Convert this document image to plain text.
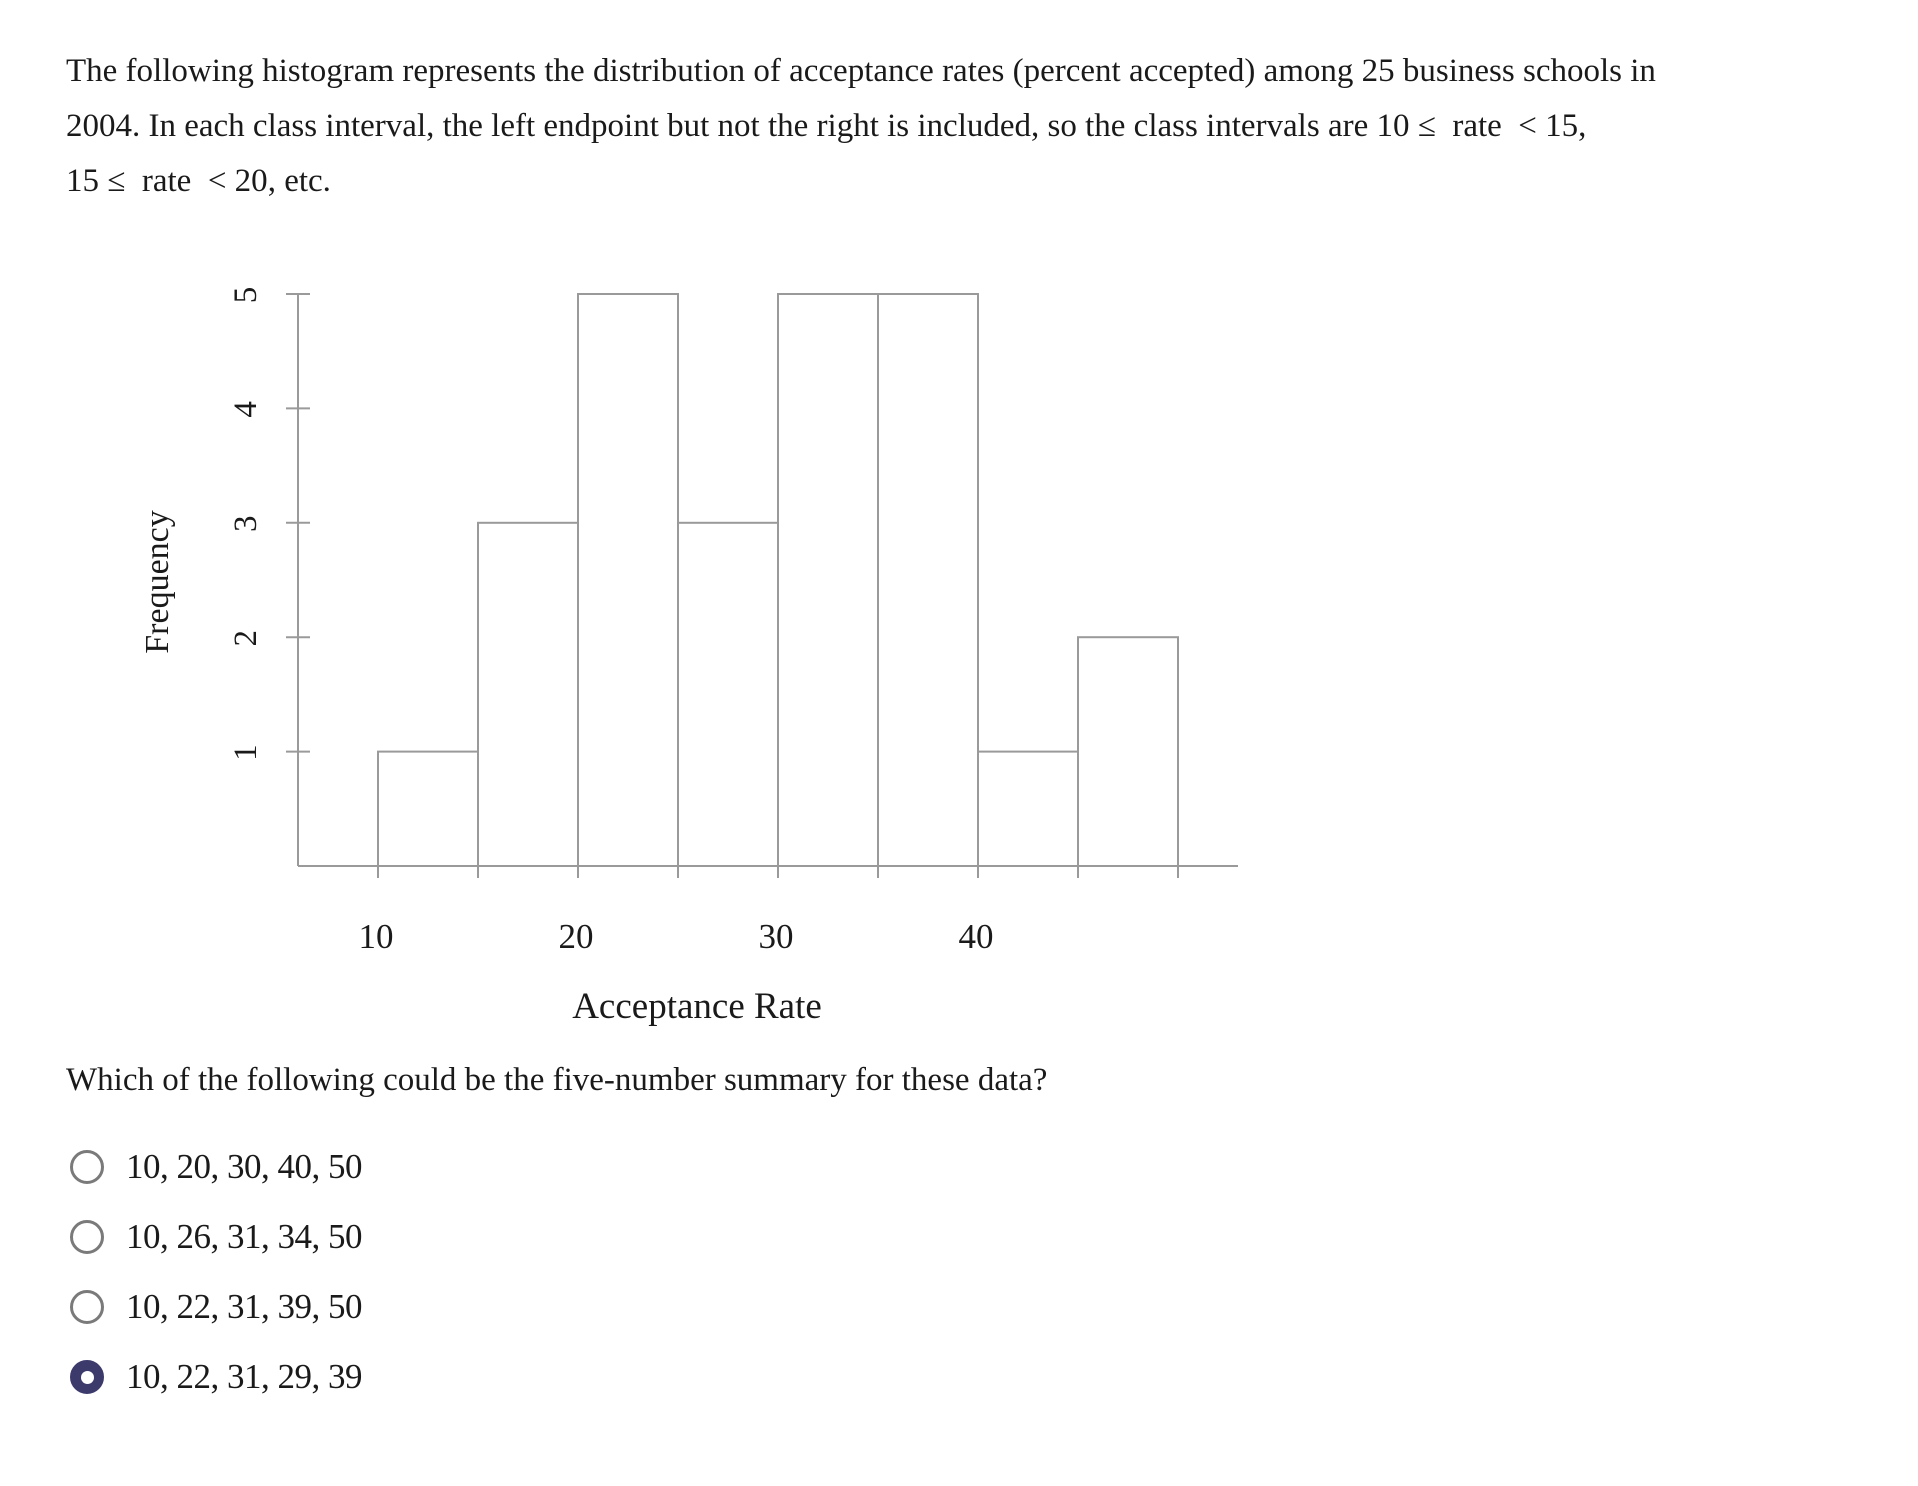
The following histogram represents the distribution of acceptance rates (percent accepted) among 25 business schools in

2004. In each class interval, the left endpoint but not the right is included, so the class intervals are 10 ≤  rate  < 15,

15 ≤  rate  < 20, etc.

1
2
3
4
5
10	20	30	40
Frequency
Acceptance Rate
Which of the following could be the five-number summary for these data?
10, 20, 30, 40, 50
10, 26, 31, 34, 50
10, 22, 31, 39, 50
10, 22, 31, 29, 39
